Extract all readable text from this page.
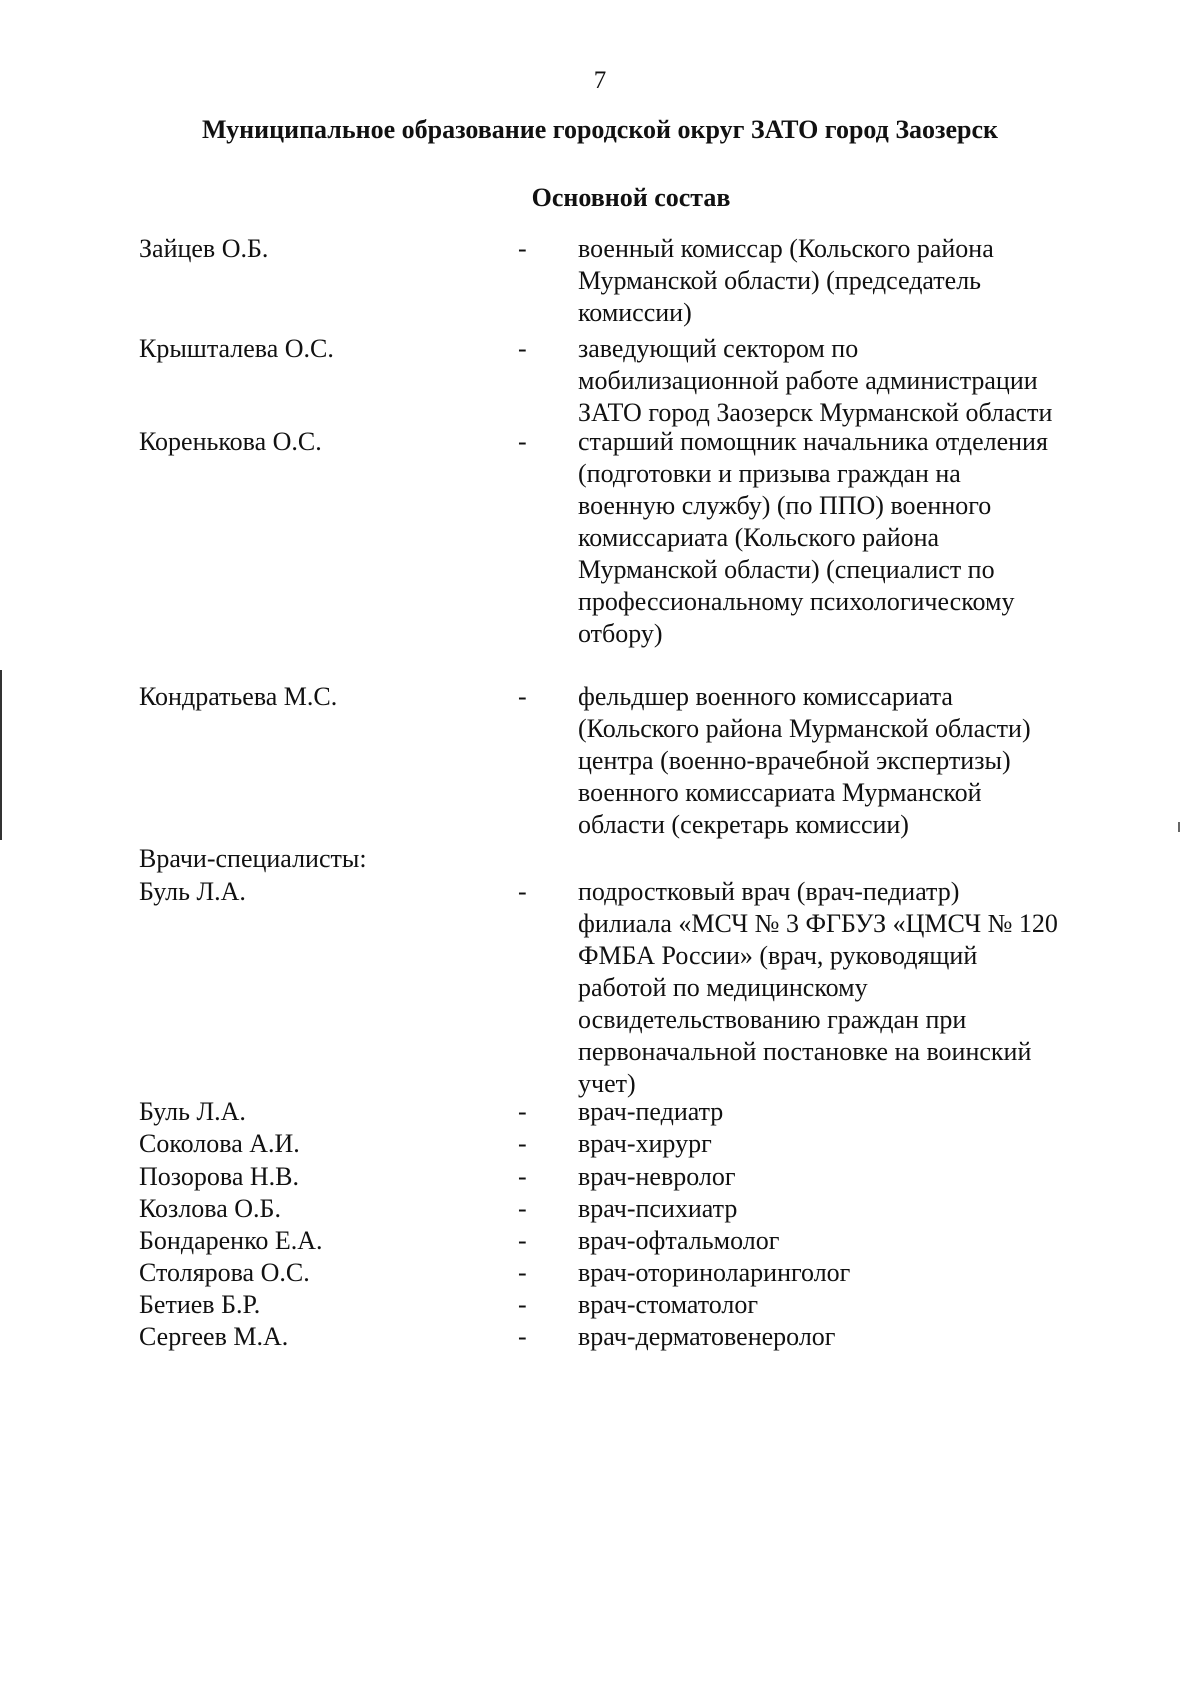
7
Муниципальное образование городской округ ЗАТО город Заозерск
Основной состав
Зайцев О.Б.	- военный комиссар (Кольского района
Мурманской области) (председатель
комиссии)
Крышталева О.С.	- заведующий сектором по
мобилизационной работе администрации
ЗАТО город Заозерск Мурманской области
Коренькова О.С.	- старший помощник начальника отделения
(подготовки и призыва граждан на
военную службу) (по ППО) военного
комиссариата (Кольского района
Мурманской области) (специалист по
профессиональному психологическому
отбору)
Кондратьева М.С.	- фельдшер военного комиссариата
(Кольского района Мурманской области)
центра (военно-врачебной экспертизы)
военного комиссариата Мурманской
области (секретарь комиссии)
Врачи-специалисты:
Буль Л.А.	- подростковый врач (врач-педиатр)
филиала «МСЧ № 3 ФГБУЗ «ЦМСЧ № 120
ФМБА России» (врач, руководящий
работой по медицинскому
освидетельствованию граждан при
первоначальной постановке на воинский
учет)
Буль Л.А.	- врач-педиатр
Соколова А.И.	- врач-хирург
Позорова Н.В.	- врач-невролог
Козлова О.Б.	- врач-психиатр
Бондаренко Е.А.	- врач-офтальмолог
Столярова О.С.	- врач-оториноларинголог
Бетиев Б.Р.	- врач-стоматолог
Сергеев М.А.	- врач-дерматовенеролог
